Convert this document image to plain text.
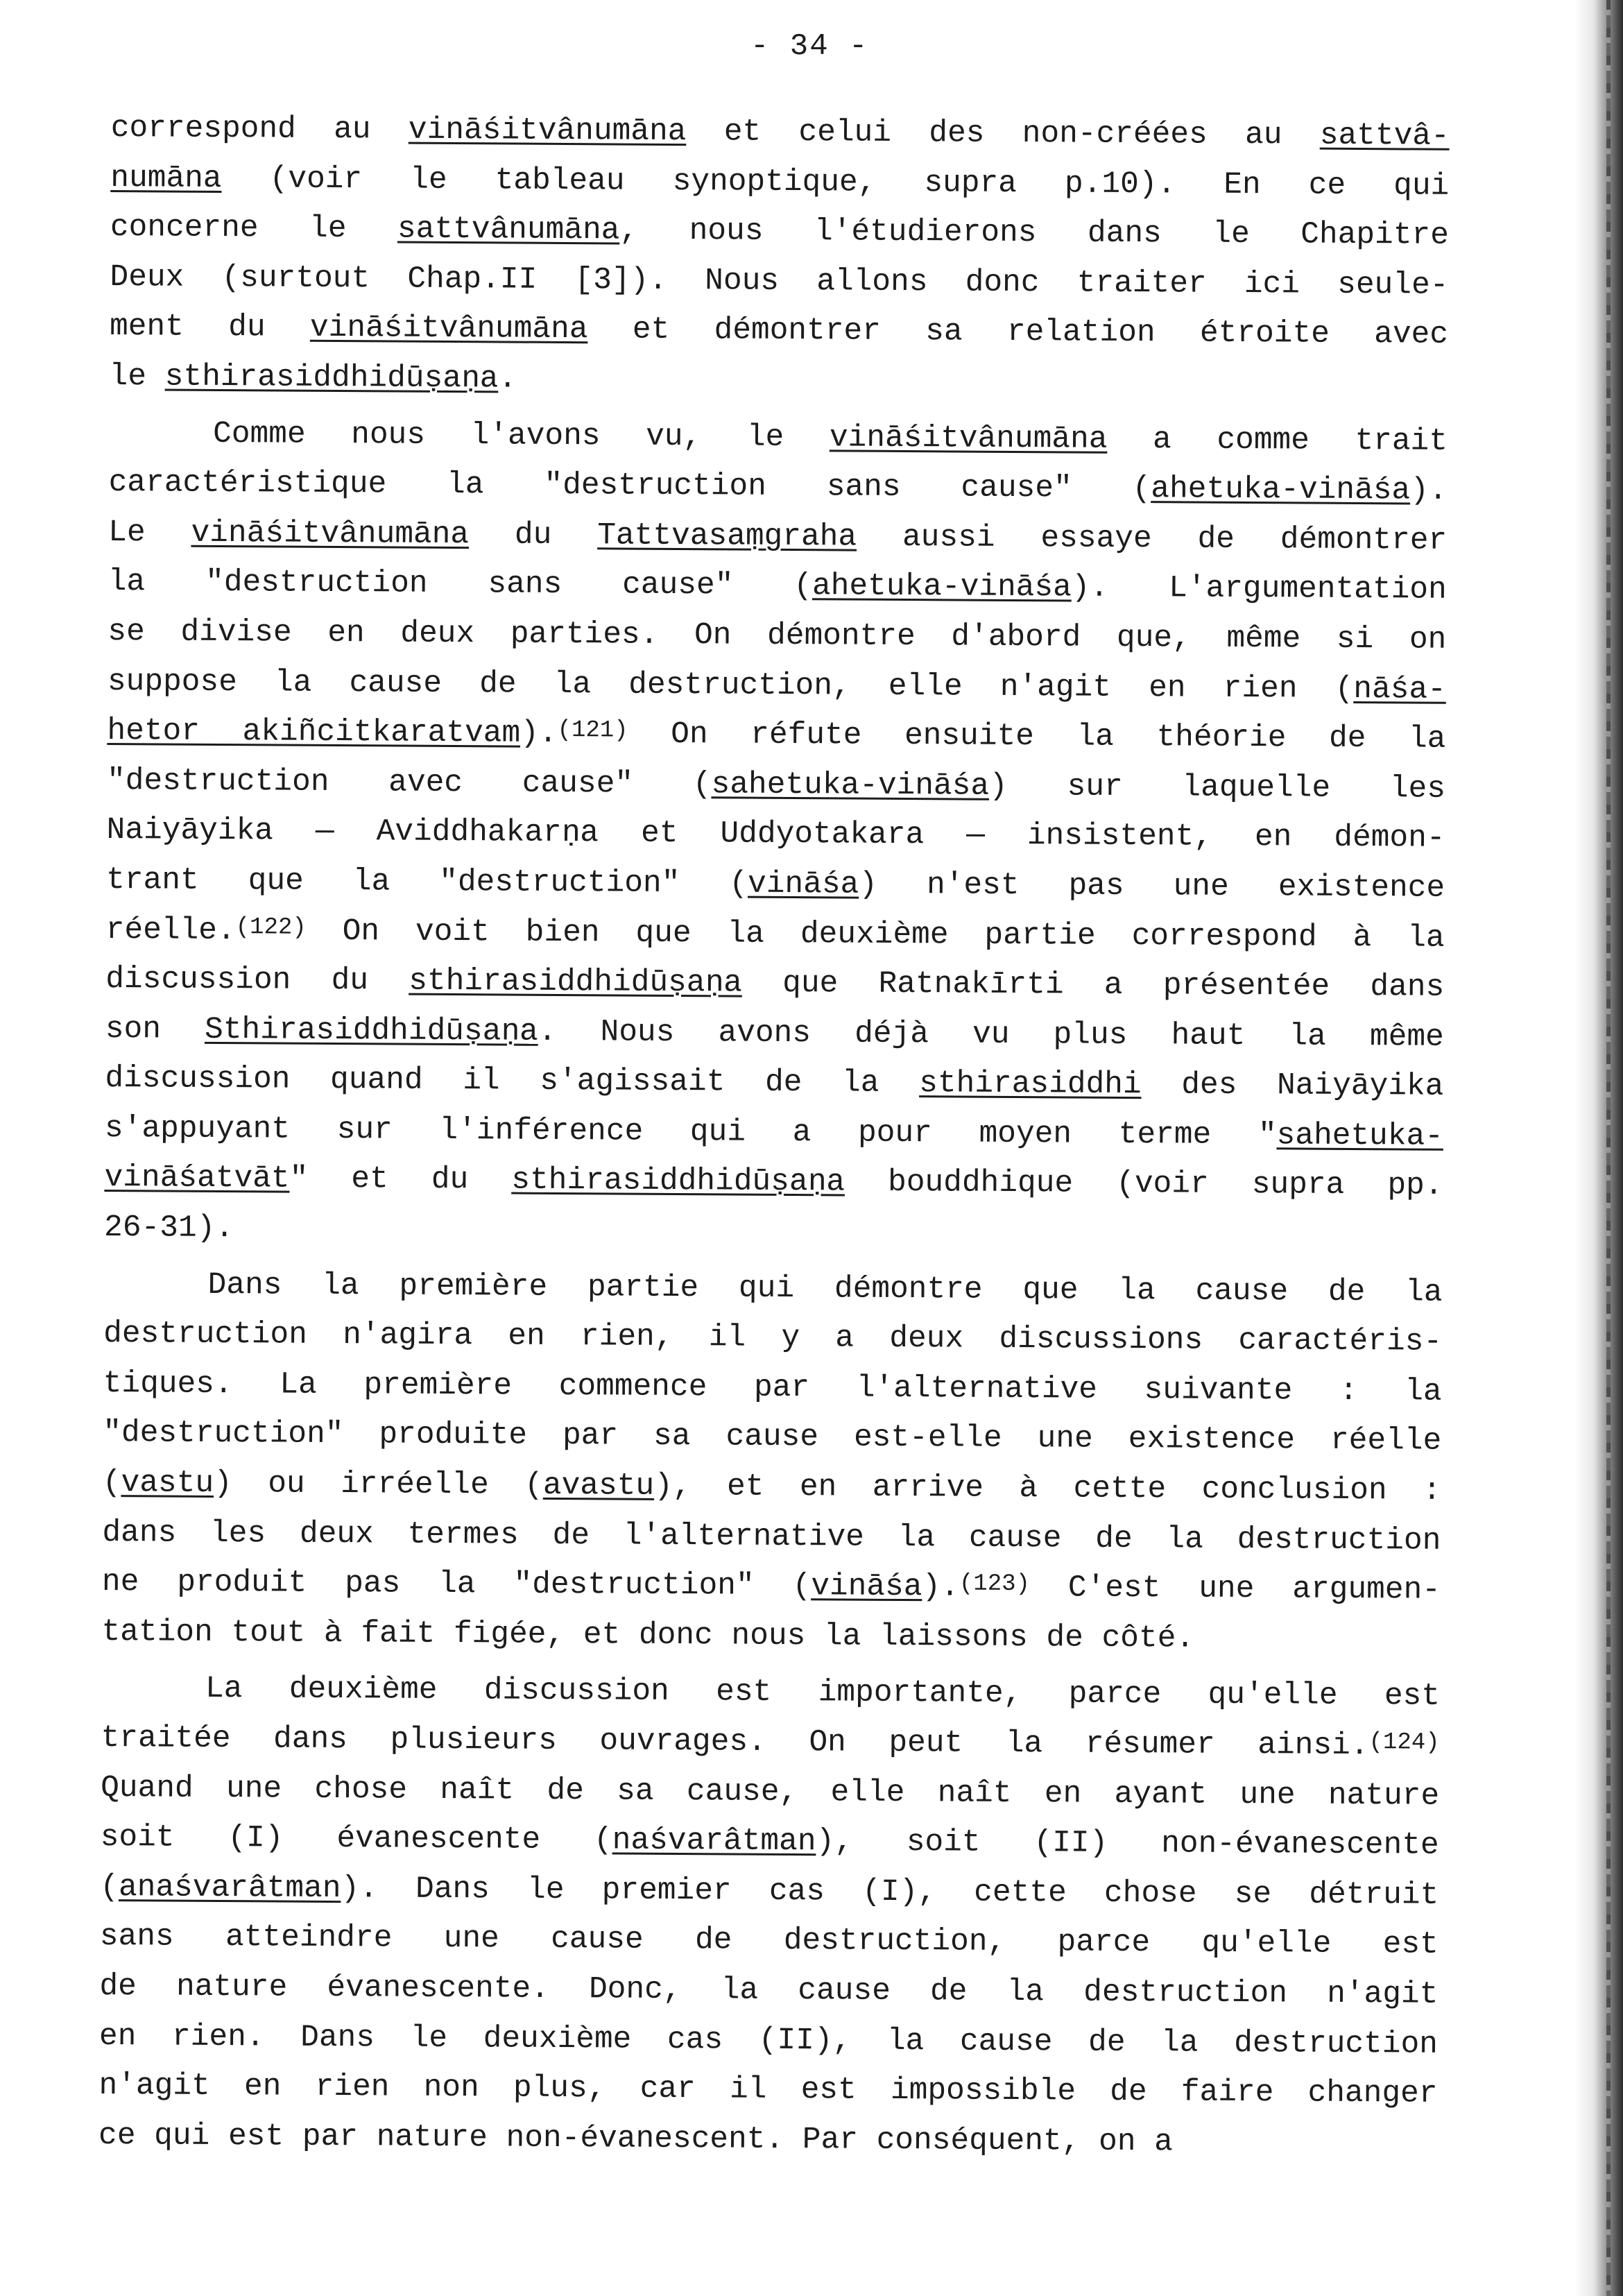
- 34 -
correspond au vināśitvânumāna et celui des non-créées au sattvâ-
numāna (voir le tableau synoptique, supra p.10). En ce qui
concerne le sattvânumāna, nous l'étudierons dans le Chapitre
Deux (surtout Chap.II [3]). Nous allons donc traiter ici seule-
ment du vināśitvânumāna et démontrer sa relation étroite avec
le sthirasiddhidūṣaṇa.
Comme nous l'avons vu, le vināśitvânumāna a comme trait
caractéristique la "destruction sans cause" (ahetuka-vināśa).
Le vināśitvânumāna du Tattvasaṃgraha aussi essaye de démontrer
la "destruction sans cause" (ahetuka-vināśa). L'argumentation
se divise en deux parties. On démontre d'abord que, même si on
suppose la cause de la destruction, elle n'agit en rien (nāśa-
hetor akiñcitkaratvam).$^{(121)}$ On réfute ensuite la théorie de la
"destruction avec cause" (sahetuka-vināśa) sur laquelle les
Naiyāyika — Aviddhakarṇa et Uddyotakara — insistent, en démon-
trant que la "destruction" (vināśa) n'est pas une existence
réelle.$^{(122)}$ On voit bien que la deuxième partie correspond à la
discussion du sthirasiddhidūṣaṇa que Ratnakīrti a présentée dans
son Sthirasiddhidūṣaṇa. Nous avons déjà vu plus haut la même
discussion quand il s'agissait de la sthirasiddhi des Naiyāyika
s'appuyant sur l'inférence qui a pour moyen terme "sahetuka-
vināśatvāt" et du sthirasiddhidūṣaṇa bouddhique (voir supra pp.
26-31).
Dans la première partie qui démontre que la cause de la
destruction n'agira en rien, il y a deux discussions caractéris-
tiques. La première commence par l'alternative suivante : la
"destruction" produite par sa cause est-elle une existence réelle
(vastu) ou irréelle (avastu), et en arrive à cette conclusion :
dans les deux termes de l'alternative la cause de la destruction
ne produit pas la "destruction" (vināśa).$^{(123)}$ C'est une argumen-
tation tout à fait figée, et donc nous la laissons de côté.
La deuxième discussion est importante, parce qu'elle est
traitée dans plusieurs ouvrages. On peut la résumer ainsi.$^{(124)}$
Quand une chose naît de sa cause, elle naît en ayant une nature
soit (I) évanescente (naśvarâtman), soit (II) non-évanescente
(anaśvarâtman). Dans le premier cas (I), cette chose se détruit
sans atteindre une cause de destruction, parce qu'elle est
de nature évanescente. Donc, la cause de la destruction n'agit
en rien. Dans le deuxième cas (II), la cause de la destruction
n'agit en rien non plus, car il est impossible de faire changer
ce qui est par nature non-évanescent. Par conséquent, on a
